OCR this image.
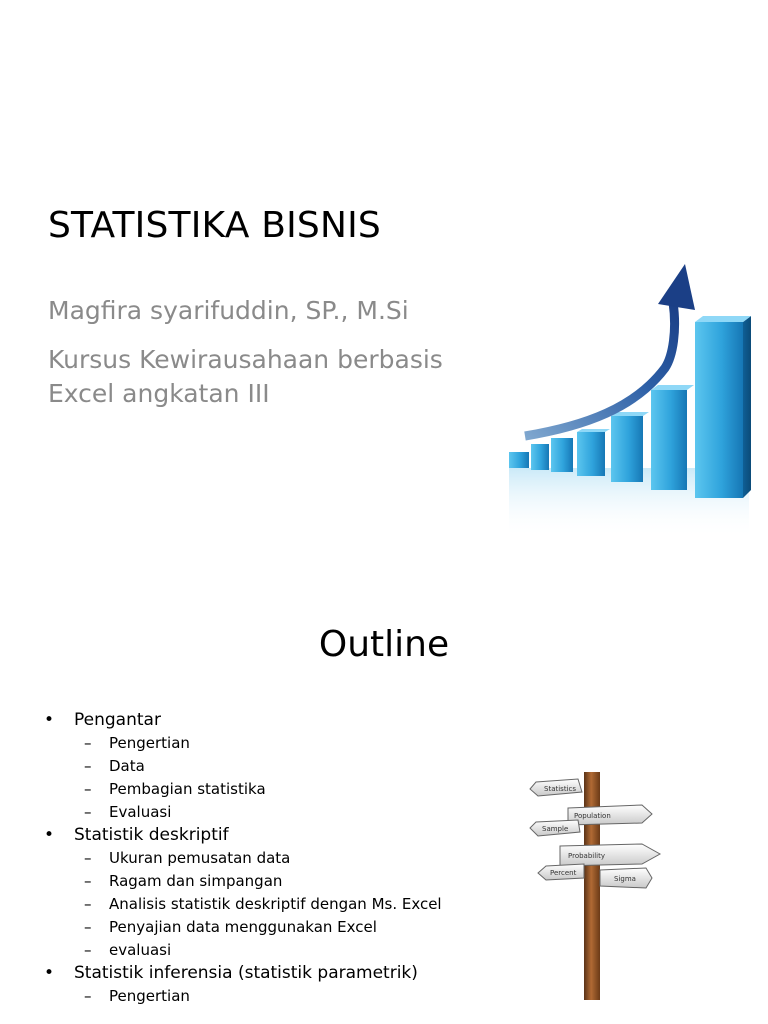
STATISTIKA BISNIS
Magfira syarifuddin, SP., M.Si
Kursus Kewirausahaan berbasis
Excel angkatan III
Outline
• Pengantar
– Pengertian
– Data
– Pembagian statistika
– Evaluasi
• Statistik deskriptif
– Ukuran pemusatan data
– Ragam dan simpangan
– Analisis statistik deskriptif dengan Ms. Excel
– Penyajian data menggunakan Excel
– evaluasi
• Statistik inferensia (statistik parametrik)
– Pengertian
Statistics
Population
Sample
Probability
Percent
Sigma
